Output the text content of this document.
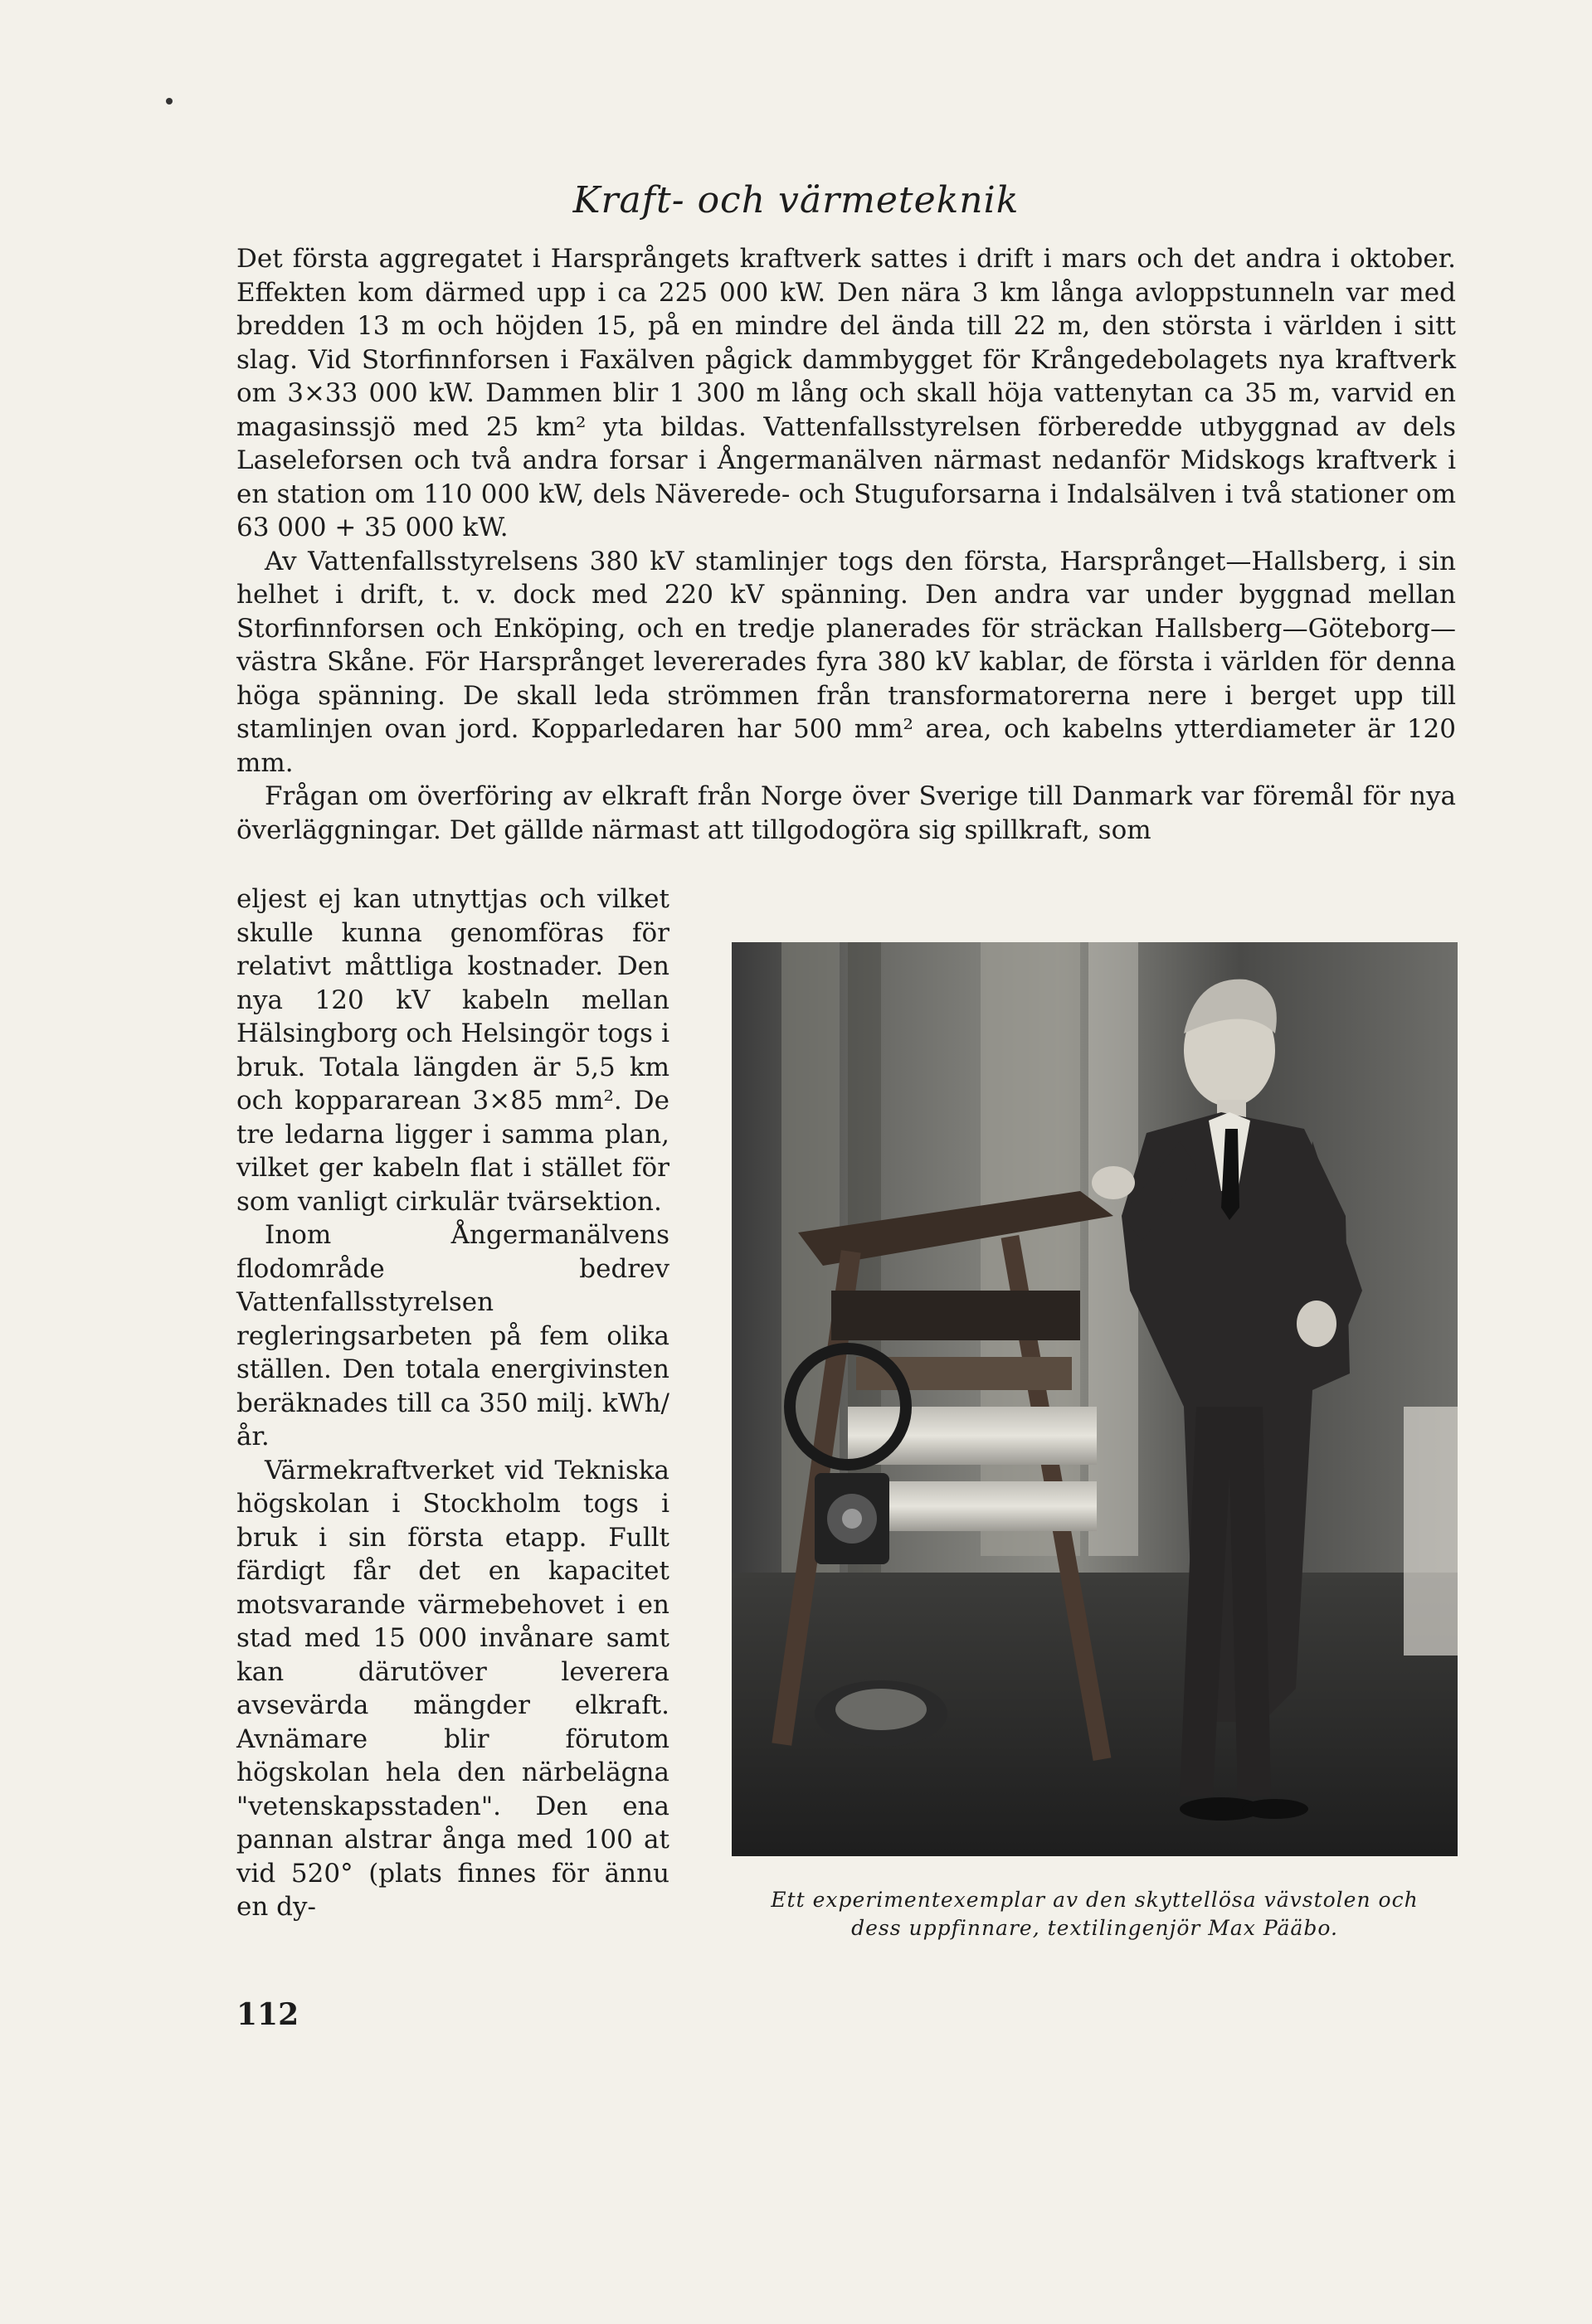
Kraft- och värmeteknik

Det första aggregatet i Harsprångets kraftverk sattes i drift i mars och det andra i oktober. Effekten kom därmed upp i ca 225 000 kW. Den nära 3 km långa avloppstunneln var med bredden 13 m och höjden 15, på en mindre del ända till 22 m, den största i världen i sitt slag. Vid Storfinnforsen i Faxälven pågick dammbygget för Krångedebolagets nya kraftverk om 3×33 000 kW. Dammen blir 1 300 m lång och skall höja vattenytan ca 35 m, varvid en magasinssjö med 25 km² yta bildas. Vattenfallsstyrelsen förberedde utbyggnad av dels Laseleforsen och två andra forsar i Ångermanälven närmast nedanför Midskogs kraftverk i en station om 110 000 kW, dels Näverede- och Stuguforsarna i Indalsälven i två stationer om 63 000 + 35 000 kW.

Av Vattenfallsstyrelsens 380 kV stamlinjer togs den första, Harsprånget—Hallsberg, i sin helhet i drift, t. v. dock med 220 kV spänning. Den andra var under byggnad mellan Storfinnforsen och Enköping, och en tredje planerades för sträckan Hallsberg—Göteborg—västra Skåne. För Harsprånget levererades fyra 380 kV kablar, de första i världen för denna höga spänning. De skall leda strömmen från transformatorerna nere i berget upp till stamlinjen ovan jord. Kopparledaren har 500 mm² area, och kabelns ytterdiameter är 120 mm.

Frågan om överföring av elkraft från Norge över Sverige till Danmark var föremål för nya överläggningar. Det gällde närmast att tillgodogöra sig spillkraft, som

eljest ej kan utnyttjas och vilket skulle kunna genomföras för relativt måttliga kostnader. Den nya 120 kV kabeln mellan Hälsingborg och Helsingör togs i bruk. Totala längden är 5,5 km och koppararean 3×85 mm². De tre ledarna ligger i samma plan, vilket ger kabeln flat i stället för som vanligt cirkulär tvärsektion.

Inom Ångermanälvens flodområde bedrev Vattenfallsstyrelsen regleringsarbeten på fem olika ställen. Den totala energivinsten beräknades till ca 350 milj. kWh/år.

Värmekraftverket vid Tekniska högskolan i Stockholm togs i bruk i sin första etapp. Fullt färdigt får det en kapacitet motsvarande värmebehovet i en stad med 15 000 invånare samt kan därutöver leverera avsevärda mängder elkraft. Avnämare blir förutom högskolan hela den närbelägna "vetenskapsstaden". Den ena pannan alstrar ånga med 100 at vid 520° (plats finnes för ännu en dy-	Ett experimentexemplar av den skyttellösa vävstolen och
dess uppfinnare, textilingenjör Max Pääbo.
112
